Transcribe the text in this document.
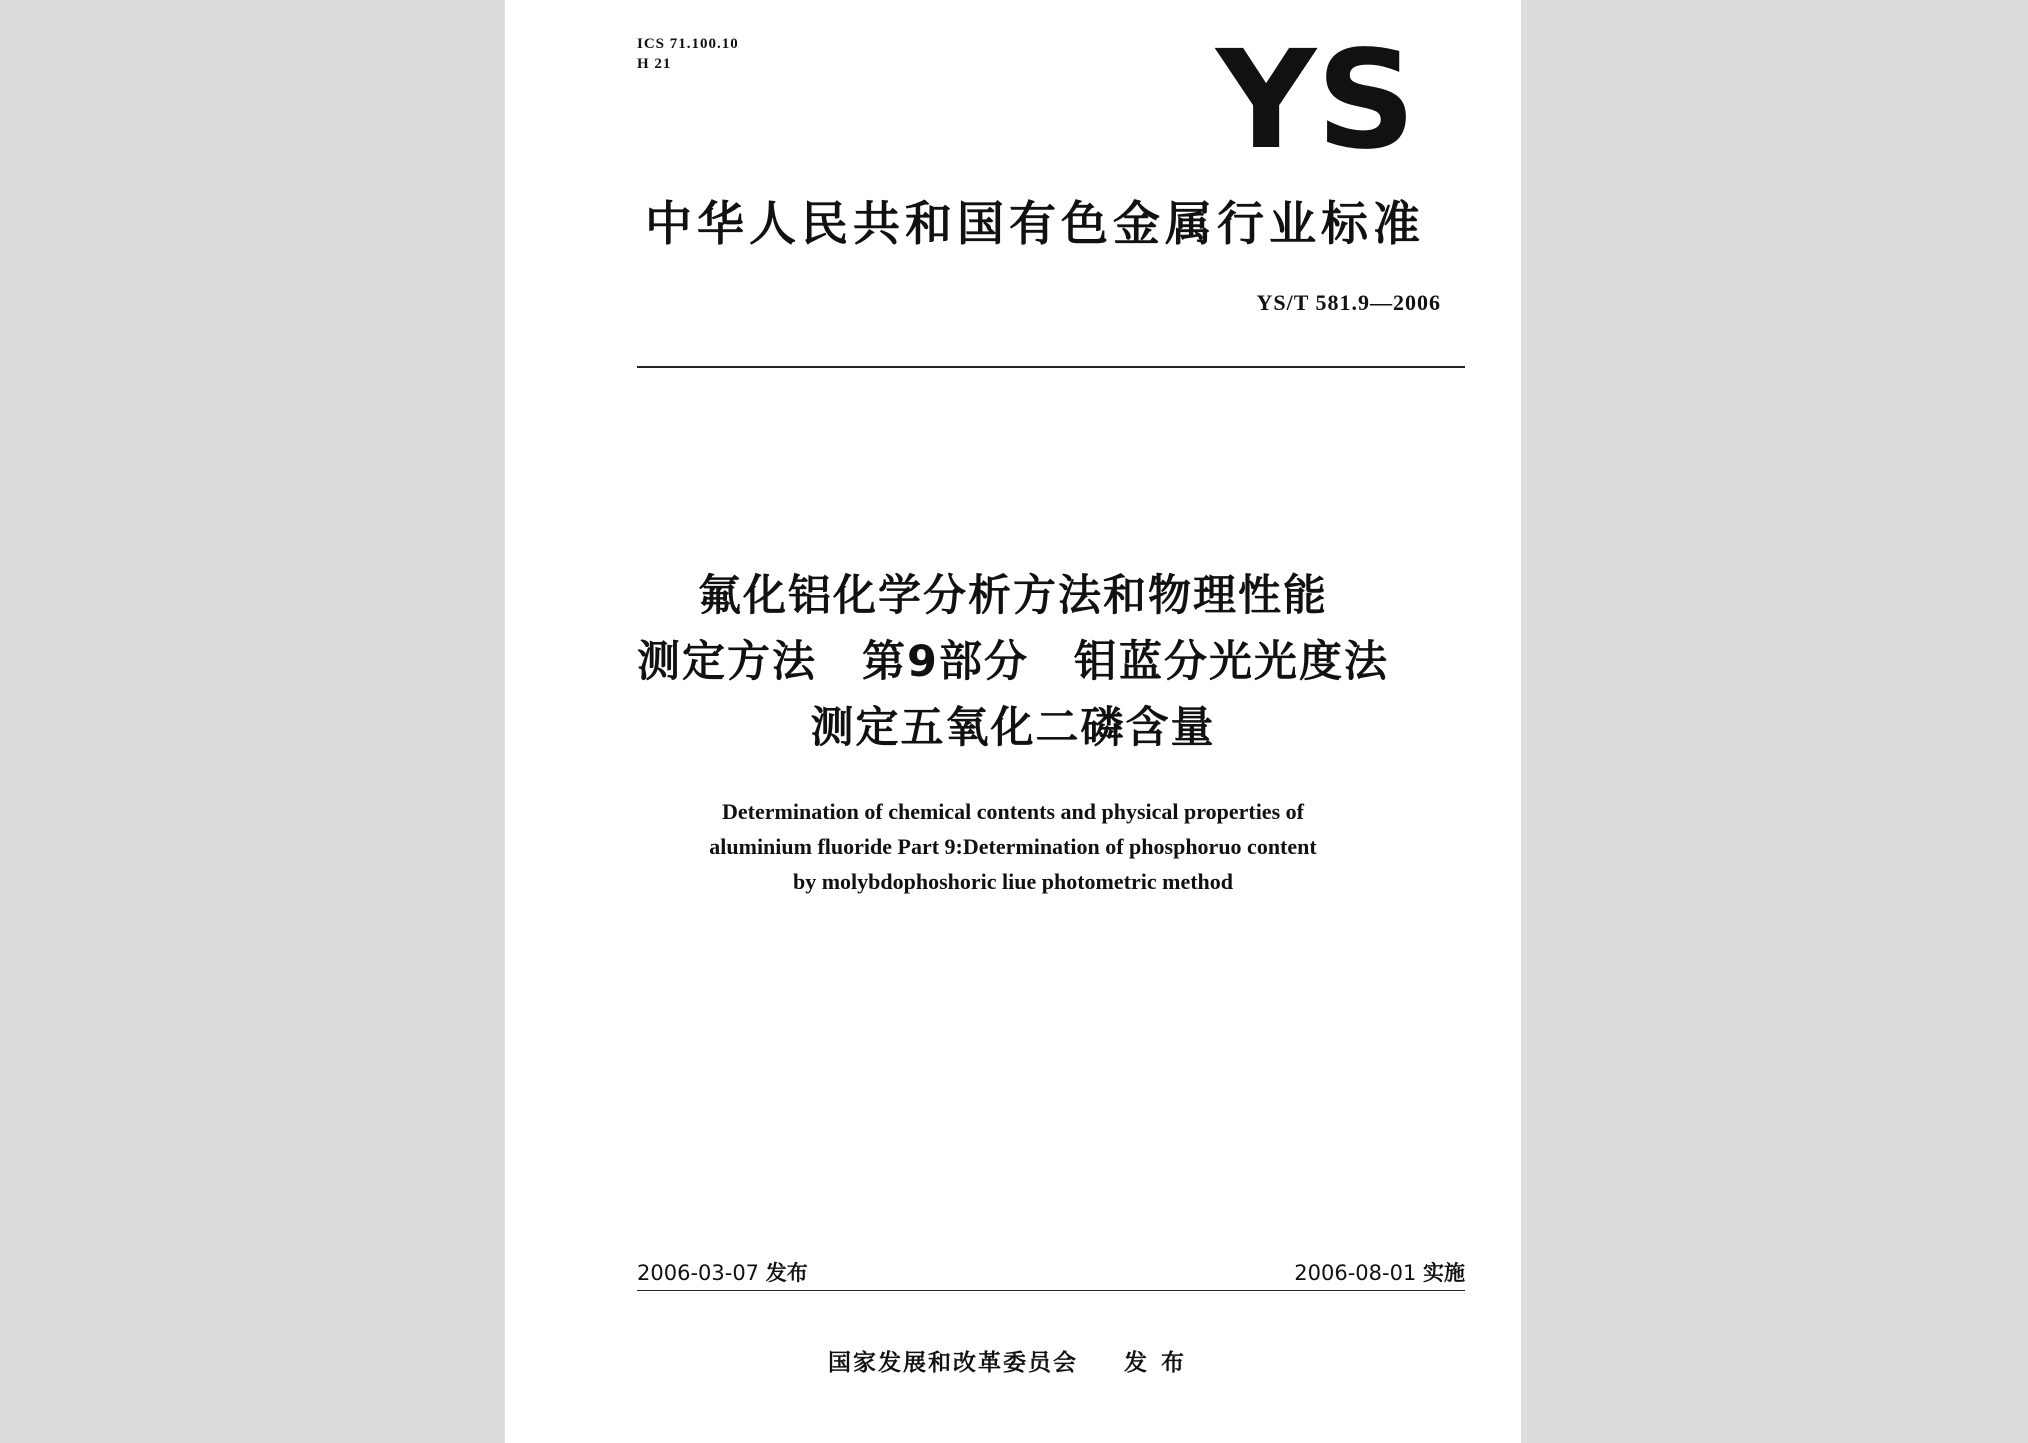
ICS 71.100.10
H 21	YS
中华人民共和国有色金属行业标准
YS/T 581.9—2006
氟化铝化学分析方法和物理性能
测定方法　第9部分　钼蓝分光光度法
测定五氧化二磷含量
Determination of chemical contents and physical properties of
aluminium fluoride Part 9:Determination of phosphoruo content
by molybdophoshoric liue photometric method
2006-03-07 发布	2006-08-01 实施
国家发展和改革委员会 发布
